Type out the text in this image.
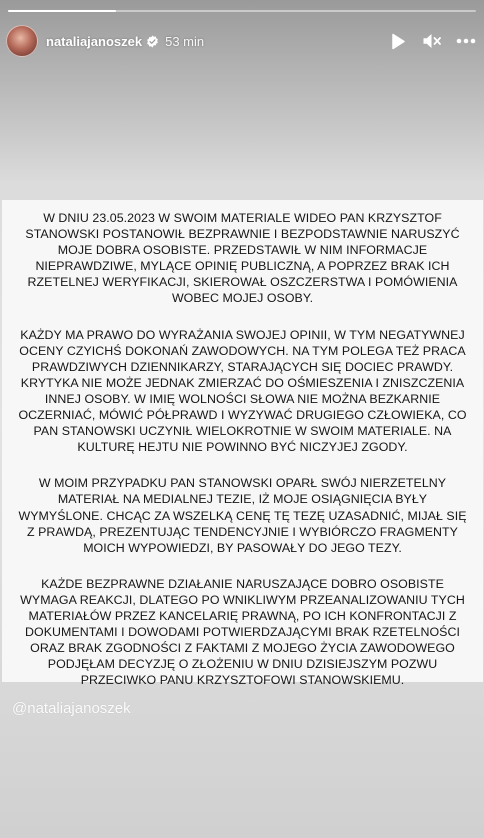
nataliajanoszek 53 min

W DNIU 23.05.2023 W SWOIM MATERIALE WIDEO PAN KRZYSZTOF STANOWSKI POSTANOWIŁ BEZPRAWNIE I BEZPODSTAWNIE NARUSZYĆ MOJE DOBRA OSOBISTE. PRZEDSTAWIŁ W NIM INFORMACJE NIEPRAWDZIWE, MYLĄCE OPINIĘ PUBLICZNĄ, A POPRZEZ BRAK ICH RZETELNEJ WERYFIKACJI, SKIEROWAŁ OSZCZERSTWA I POMÓWIENIA WOBEC MOJEJ OSOBY.

KAŻDY MA PRAWO DO WYRAŻANIA SWOJEJ OPINII, W TYM NEGATYWNEJ OCENY CZYICHŚ DOKONAŃ ZAWODOWYCH. NA TYM POLEGA TEŻ PRACA PRAWDZIWYCH DZIENNIKARZY, STARAJĄCYCH SIĘ DOCIEC PRAWDY. KRYTYKA NIE MOŻE JEDNAK ZMIERZAĆ DO OŚMIESZENIA I ZNISZCZENIA INNEJ OSOBY. W IMIĘ WOLNOŚCI SŁOWA NIE MOŻNA BEZKARNIE OCZERNIAĆ, MÓWIĆ PÓŁPRAWD I WYZYWAĆ DRUGIEGO CZŁOWIEKA, CO PAN STANOWSKI UCZYNIŁ WIELOKROTNIE W SWOIM MATERIALE. NA KULTURĘ HEJTU NIE POWINNO BYĆ NICZYJEJ ZGODY.

W MOIM PRZYPADKU PAN STANOWSKI OPARŁ SWÓJ NIERZETELNY MATERIAŁ NA MEDIALNEJ TEZIE, IŻ MOJE OSIĄGNIĘCIA BYŁY WYMYŚLONE. CHCĄC ZA WSZELKĄ CENĘ TĘ TEZĘ UZASADNIĆ, MIJAŁ SIĘ Z PRAWDĄ, PREZENTUJĄC TENDENCYJNIE I WYBIÓRCZO FRAGMENTY MOICH WYPOWIEDZI, BY PASOWAŁY DO JEGO TEZY.

KAŻDE BEZPRAWNE DZIAŁANIE NARUSZAJĄCE DOBRO OSOBISTE WYMAGA REAKCJI, DLATEGO PO WNIKLIWYM PRZEANALIZOWANIU TYCH MATERIAŁÓW PRZEZ KANCELARIĘ PRAWNĄ, PO ICH KONFRONTACJI Z DOKUMENTAMI I DOWODAMI POTWIERDZAJĄCYMI BRAK RZETELNOŚCI ORAZ BRAK ZGODNOŚCI Z FAKTAMI Z MOJEGO ŻYCIA ZAWODOWEGO PODJĘŁAM DECYZJĘ O ZŁOŻENIU W DNIU DZISIEJSZYM POZWU PRZECIWKO PANU KRZYSZTOFOWI STANOWSKIEMU.

@nataliajanoszek
